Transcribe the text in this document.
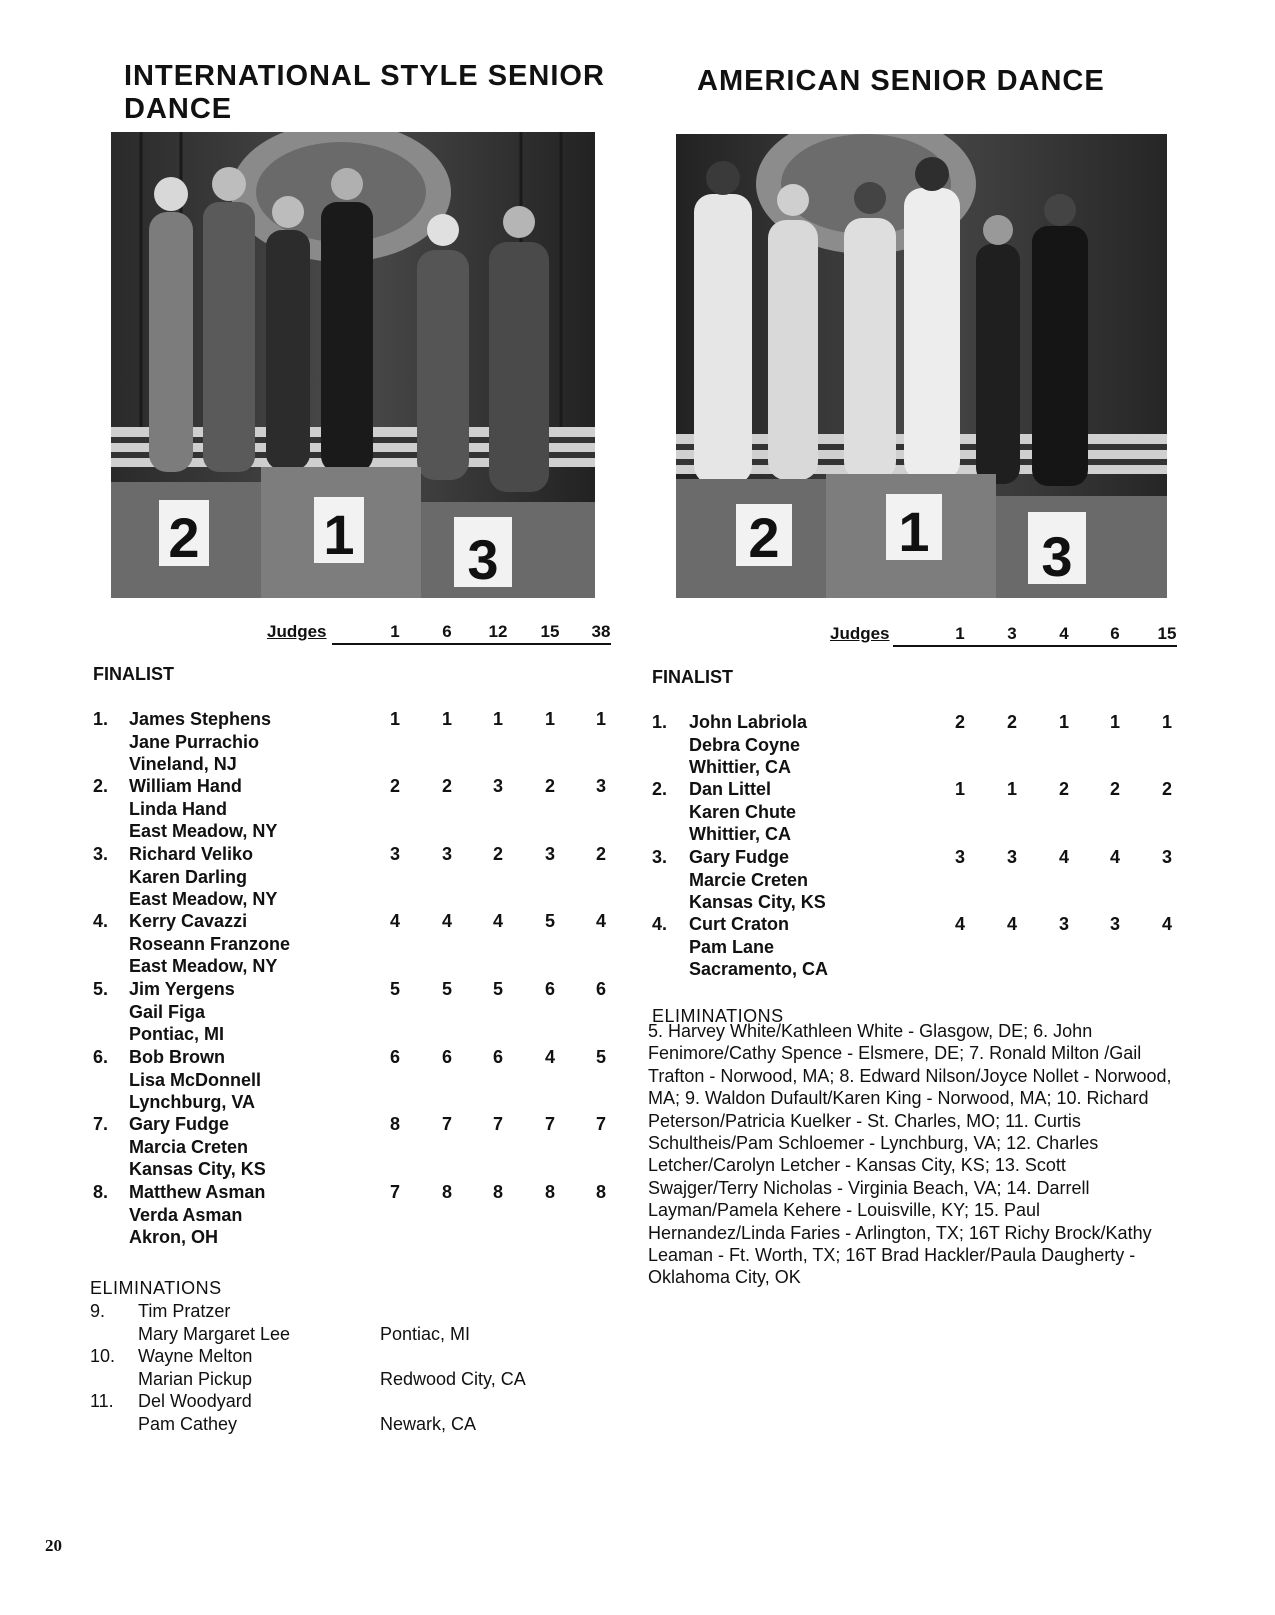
INTERNATIONAL STYLE SENIOR DANCE
AMERICAN SENIOR DANCE
2 1 3	2 1 3
Judges	1	6	12	15	38
FINALIST
1. James Stephens
Jane Purrachio
Vineland, NJ
1	1	1	1	1
2. William Hand
Linda Hand
East Meadow, NY
2	2	3	2	3
3. Richard Veliko
Karen Darling
East Meadow, NY
3	3	2	3	2
4. Kerry Cavazzi
Roseann Franzone
East Meadow, NY
4	4	4	5	4
5. Jim Yergens
Gail Figa
Pontiac, MI
5	5	5	6	6
6. Bob Brown
Lisa McDonnell
Lynchburg, VA
6	6	6	4	5
7. Gary Fudge
Marcia Creten
Kansas City, KS
8	7	7	7	7
8. Matthew Asman
Verda Asman
Akron, OH
7	8	8	8	8
ELIMINATIONS
9. Tim Pratzer
Mary Margaret Lee	Pontiac, MI
10. Wayne Melton
Marian Pickup	Redwood City, CA
11. Del Woodyard
Pam Cathey	Newark, CA
Judges	1	3	4	6	15
FINALIST
1. John Labriola
Debra Coyne
Whittier, CA
2	2	1	1	1
2. Dan Littel
Karen Chute
Whittier, CA
1	1	2	2	2
3. Gary Fudge
Marcie Creten
Kansas City, KS
3	3	4	4	3
4. Curt Craton
Pam Lane
Sacramento, CA
4	4	3	3	4
ELIMINATIONS

5. Harvey White/Kathleen White - Glasgow, DE; 6. John Fenimore/Cathy Spence - Elsmere, DE; 7. Ronald Milton /Gail Trafton - Norwood, MA; 8. Edward Nilson/Joyce Nollet - Norwood, MA; 9. Waldon Dufault/Karen King - Norwood, MA; 10. Richard Peterson/Patricia Kuelker - St. Charles, MO; 11. Curtis Schultheis/Pam Schloemer - Lynchburg, VA; 12. Charles Letcher/Carolyn Letcher - Kansas City, KS; 13. Scott Swajger/Terry Nicholas - Virginia Beach, VA; 14. Darrell Layman/Pamela Kehere - Louisville, KY; 15. Paul Hernandez/Linda Faries - Arlington, TX; 16T Richy Brock/Kathy Leaman - Ft. Worth, TX; 16T Brad Hackler/Paula Daugherty - Oklahoma City, OK

20
